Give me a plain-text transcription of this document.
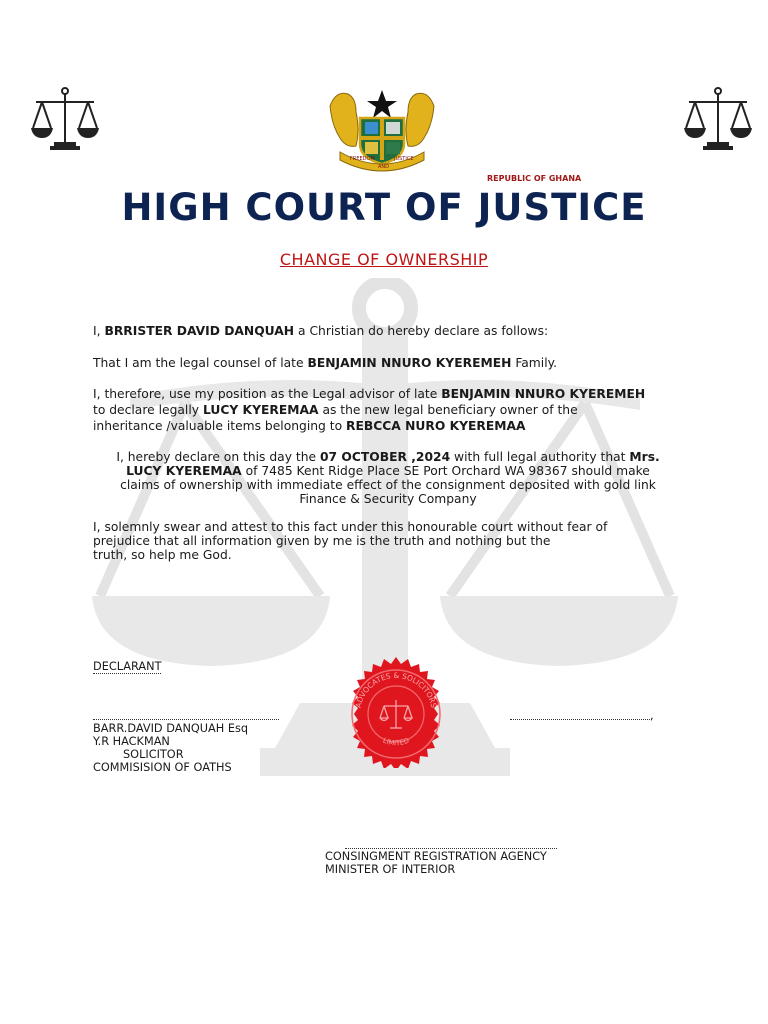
FREEDOM
AND
JUSTICE
REPUBLIC OF GHANA
HIGH COURT OF JUSTICE
CHANGE OF OWNERSHIP
I, BRRISTER DAVID DANQUAH a Christian do hereby declare as follows:
That I am the legal counsel of late BENJAMIN NNURO KYEREMEH Family.
I, therefore, use my position as the Legal advisor of late BENJAMIN NNURO KYEREMEH
to declare legally LUCY KYEREMAA as the new legal beneficiary owner of the
inheritance /valuable items belonging to REBCCA NURO KYEREMAA
I, hereby declare on this day the 07 OCTOBER ,2024 with full legal authority that Mrs.
LUCY KYEREMAA of 7485 Kent Ridge Place SE Port Orchard WA 98367 should make
claims of ownership with immediate effect of the consignment deposited with gold link
Finance & Security Company
I, solemnly swear and attest to this fact under this honourable court without fear of
prejudice that all information given by me is the truth and nothing but the
truth, so help me God.
DECLARANT
,
BARR.DAVID DANQUAH Esq
Y.R HACKMAN
SOLICITOR
COMMISISION OF OATHS
ADVOCATES & SOLICITORS
LIMITED
CONSINGMENT REGISTRATION AGENCY
MINISTER OF INTERIOR
